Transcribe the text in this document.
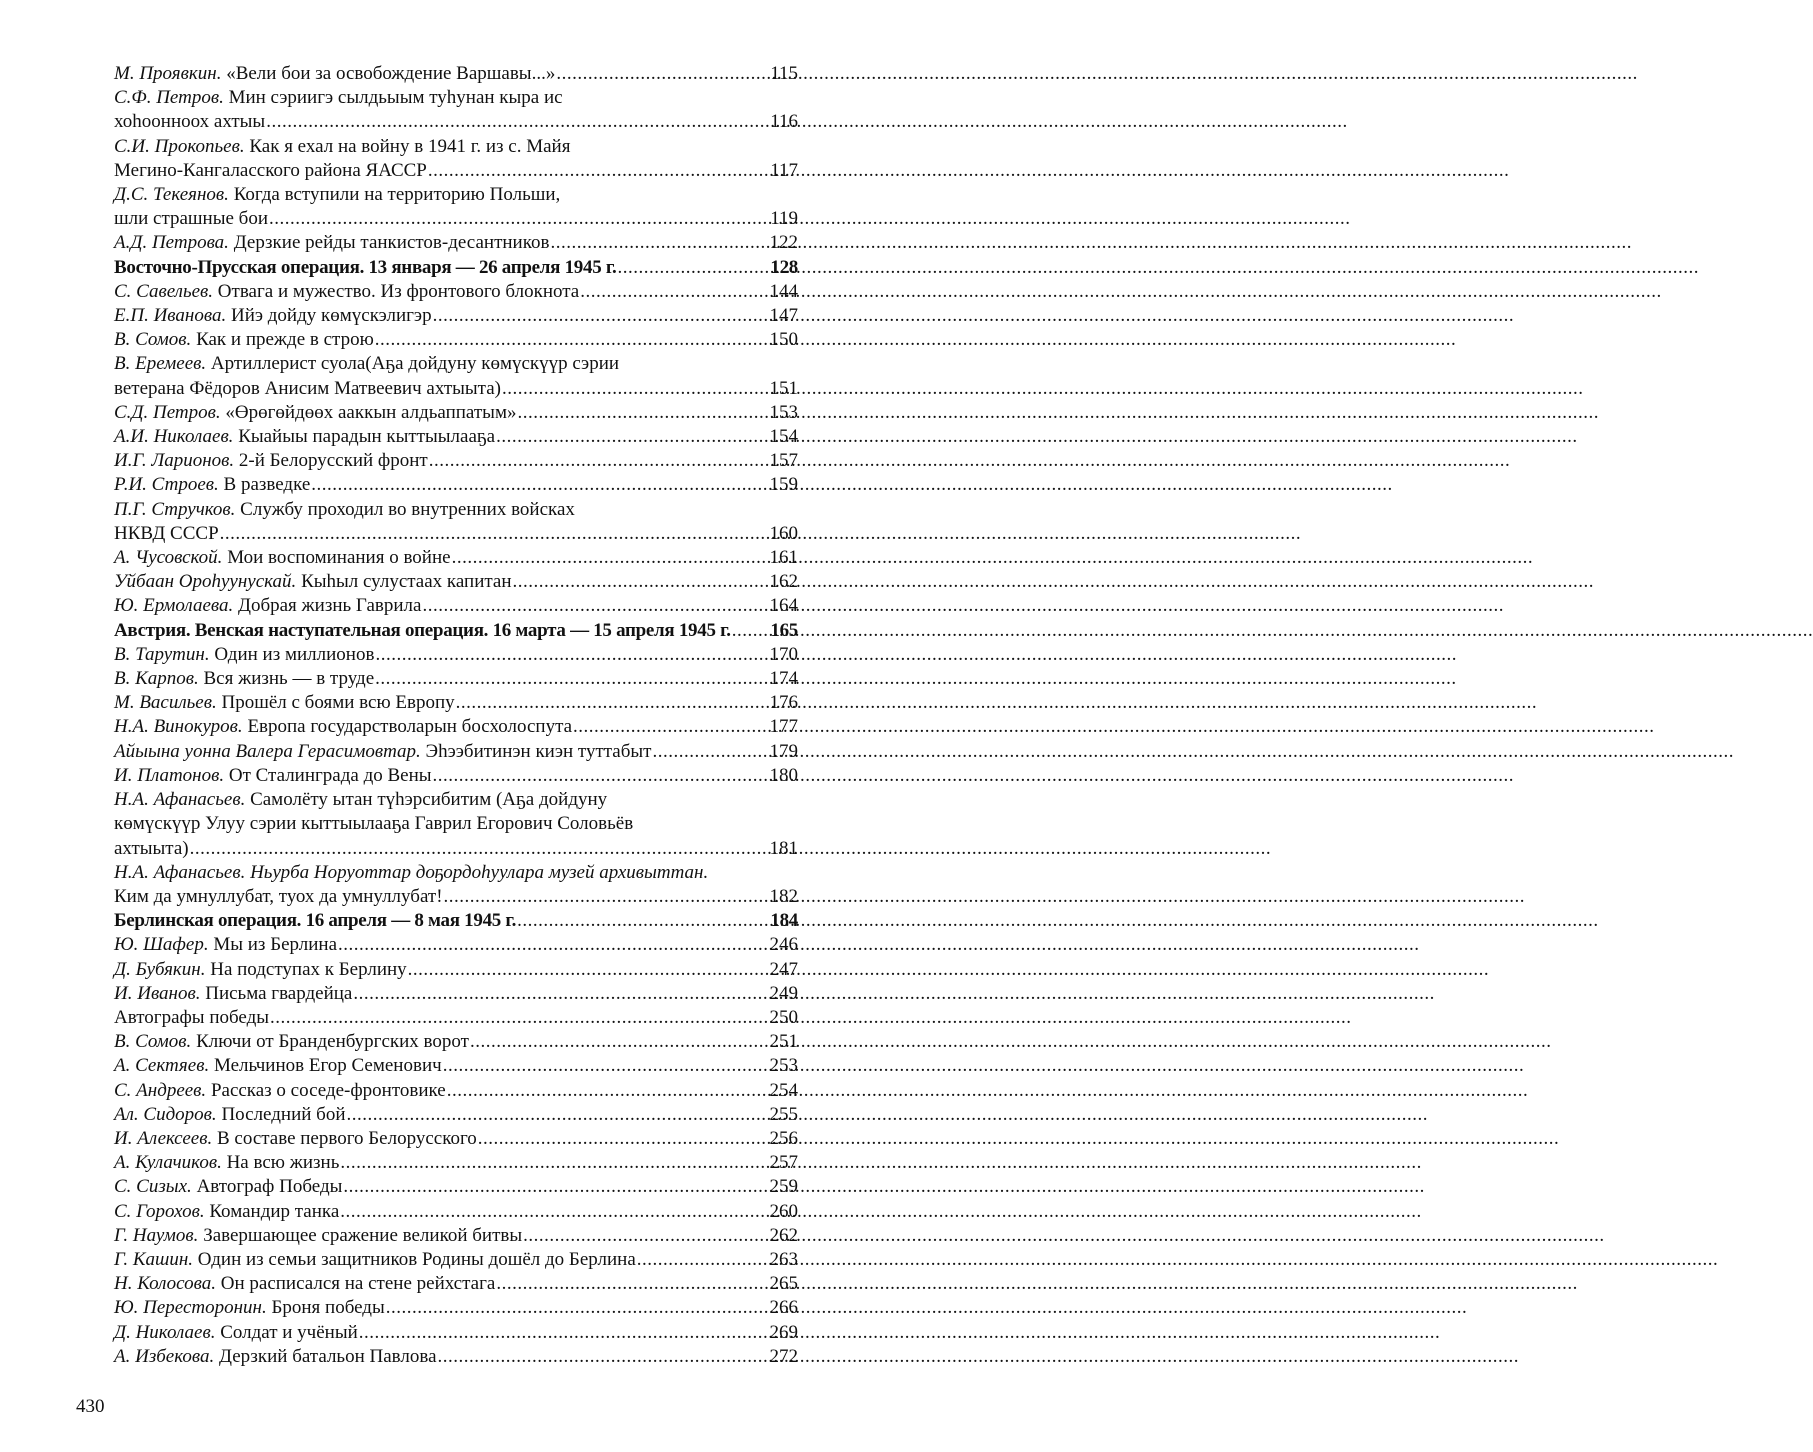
М. Проявкин. «Вели бои за освобождение Варшавы...» .....	115
С.Ф. Петров. Мин сэриигэ сылдьыым туһунан кыра ис
хоһоонноох ахтыы .....	116
С.И. Прокопьев. Как я ехал на войну в 1941 г. из с. Майя
Мегино-Кангаласского района ЯАССР .....	117
Д.С. Текеянов. Когда вступили на территорию Польши,
шли страшные бои .....	119
А.Д. Петрова. Дерзкие рейды танкистов-десантников .....	122
Восточно-Прусская операция. 13 января — 26 апреля 1945 г. .....	128
С. Савельев. Отвага и мужество. Из фронтового блокнота .....	144
Е.П. Иванова. Ийэ дойду көмүскэлигэр .....	147
В. Сомов. Как и прежде в строю .....	150
В. Еремеев. Артиллерист суола(Аҕа дойдуну көмүскүүр сэрии
ветерана Фёдоров Анисим Матвеевич ахтыыта) .....	151
С.Д. Петров. «Өрөгөйдөөх ааккын алдьаппатым» .....	153
А.И. Николаев. Кыайыы парадын кыттыылааҕа .....	154
И.Г. Ларионов. 2-й Белорусский фронт .....	157
Р.И. Строев. В разведке .....	159
П.Г. Стручков. Службу проходил во внутренних войсках
НКВД СССР .....	160
А. Чусовской. Мои воспоминания о войне .....	161
Уйбаан Ороһуунускай. Кыһыл сулустаах капитан .....	162
Ю. Ермолаева. Добрая жизнь Гаврила .....	164
Австрия. Венская наступательная операция. 16 марта — 15 апреля 1945 г. ..... 165
В. Тарутин. Один из миллионов .....	170
В. Карпов. Вся жизнь — в труде .....	174
М. Васильев. Прошёл с боями всю Европу .....	176
Н.А. Винокуров. Европа государстволарын босхолоспута .....	177
Айыына уонна Валера Герасимовтар. Эһээбитинэн киэн туттабыт .....	179
И. Платонов. От Сталинграда до Вены .....	180
Н.А. Афанасьев. Самолёту ытан түһэрсибитим (Аҕа дойдуну
көмүскүүр Улуу сэрии кыттыылааҕа Гаврил Егорович Соловьёв
ахтыыта) .....	181
Н.А. Афанасьев. Ньурба Норуоттар доҕордоһуулара музей архивыттан.
Ким да умнуллубат, туох да умнуллубат! .....	182
Берлинская операция. 16 апреля — 8 мая 1945 г. .....	184
Ю. Шафер. Мы из Берлина .....	246
Д. Бубякин. На подступах к Берлину .....	247
И. Иванов. Письма гвардейца .....	249
Автографы победы .....	250
В. Сомов. Ключи от Бранденбургских ворот .....	251
А. Сектяев. Мельчинов Егор Семенович .....	253
С. Андреев. Рассказ о соседе-фронтовике .....	254
Ал. Сидоров. Последний бой .....	255
И. Алексеев. В составе первого Белорусского .....	256
А. Кулачиков. На всю жизнь .....	257
С. Сизых. Автограф Победы .....	259
С. Горохов. Командир танка .....	260
Г. Наумов. Завершающее сражение великой битвы .....	262
Г. Кашин. Один из семьи защитников Родины дошёл до Берлина .....	263
Н. Колосова. Он расписался на стене рейхстага .....	265
Ю. Пересторонин. Броня победы .....	266
Д. Николаев. Солдат и учёный .....	269
А. Избекова. Дерзкий батальон Павлова .....	272
430
